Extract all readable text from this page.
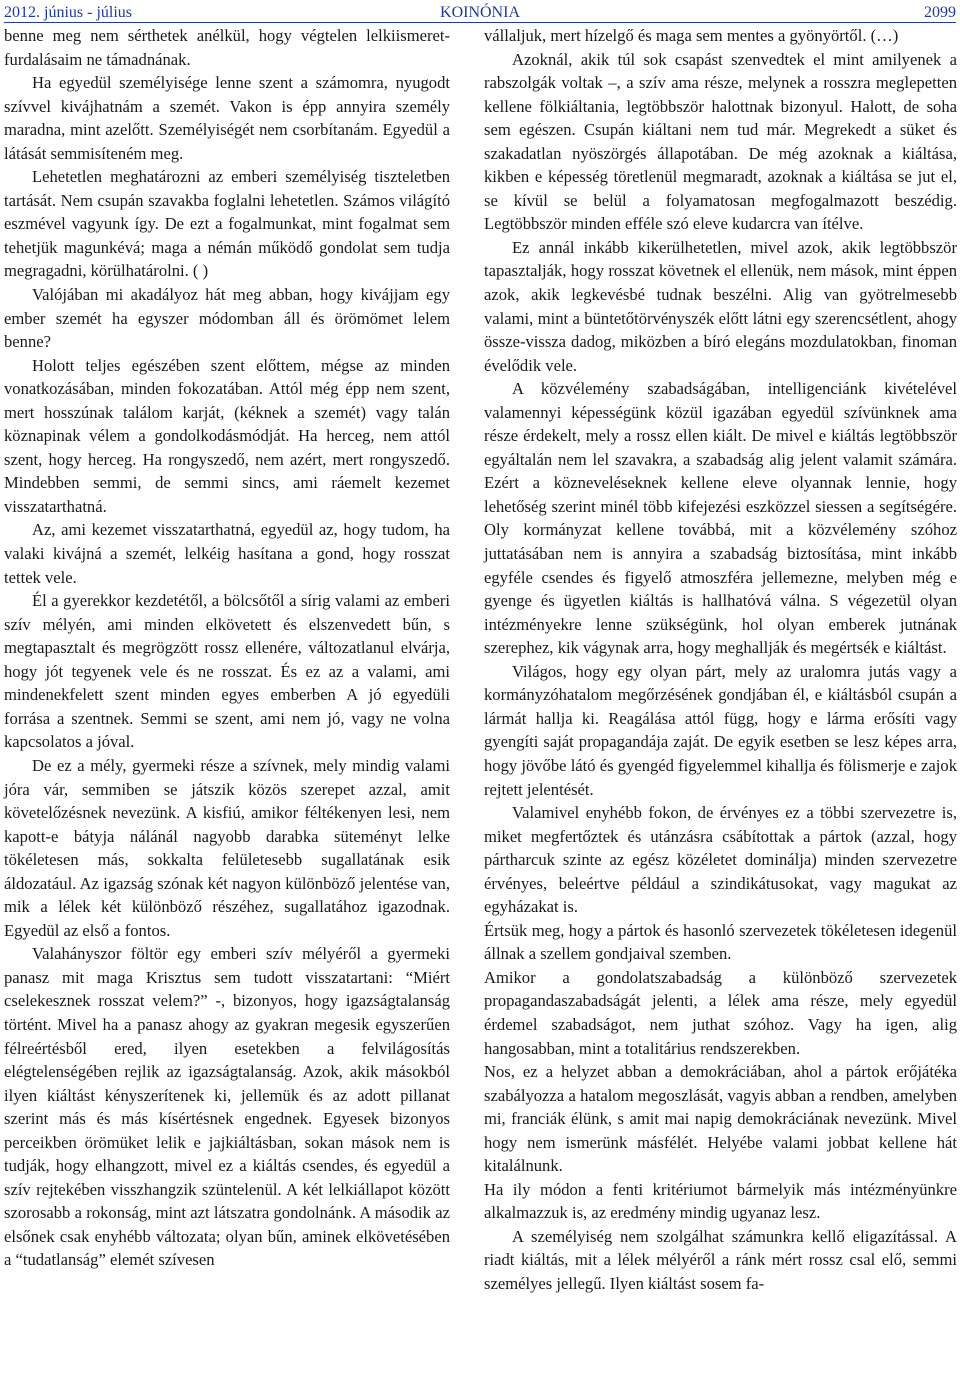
2012. június - július	KOINÓNIA	2099

benne meg nem sérthetek anélkül, hogy végtelen lelkiismeret-furdalásaim ne támadnának.

Ha egyedül személyisége lenne szent a számomra, nyugodt szívvel kivájhatnám a szemét. Vakon is épp annyira személy maradna, mint azelőtt. Személyiségét nem csorbítanám. Egyedül a látását semmisíteném meg.

Lehetetlen meghatározni az emberi személyiség tiszteletben tartását. Nem csupán szavakba foglalni lehetetlen. Számos világító eszmével vagyunk így. De ezt a fogalmunkat, mint fogalmat sem tehetjük magunkévá; maga a némán működő gondolat sem tudja megragadni, körülhatárolni. ( )

Valójában mi akadályoz hát meg abban, hogy kivájjam egy ember szemét ha egyszer módomban áll és örömömet lelem benne?

Holott teljes egészében szent előttem, mégse az minden vonatkozásában, minden fokozatában. Attól még épp nem szent, mert hosszúnak találom karját, (kéknek a szemét) vagy talán köznapinak vélem a gondolkodásmódját. Ha herceg, nem attól szent, hogy herceg. Ha rongyszedő, nem azért, mert rongyszedő. Mindebben semmi, de semmi sincs, ami ráemelt kezemet visszatarthatná.

Az, ami kezemet visszatarthatná, egyedül az, hogy tudom, ha valaki kivájná a szemét, lelkéig hasítana a gond, hogy rosszat tettek vele.

Él a gyerekkor kezdetétől, a bölcsőtől a sírig valami az emberi szív mélyén, ami minden elkövetett és elszenvedett bűn, s megtapasztalt és megrögzött rossz ellenére, változatlanul elvárja, hogy jót tegyenek vele és ne rosszat. És ez az a valami, ami mindenekfelett szent minden egyes emberben A jó egyedüli forrása a szentnek. Semmi se szent, ami nem jó, vagy ne volna kapcsolatos a jóval.

De ez a mély, gyermeki része a szívnek, mely mindig valami jóra vár, semmiben se játszik közös szerepet azzal, amit követelőzésnek nevezünk. A kisfiú, amikor féltékenyen lesi, nem kapott-e bátyja nálánál nagyobb darabka süteményt lelke tökéletesen más, sokkalta felületesebb sugallatának esik áldozatául. Az igazság szónak két nagyon különböző jelentése van, mik a lélek két különböző részéhez, sugallatához igazodnak. Egyedül az első a fontos.

Valahányszor föltör egy emberi szív mélyéről a gyermeki panasz mit maga Krisztus sem tudott visszatartani: “Miért cselekesznek rosszat velem?” -, bizonyos, hogy igazságtalanság történt. Mivel ha a panasz ahogy az gyakran megesik egyszerűen félreértésből ered, ilyen esetekben a felvilágosítás elégtelenségében rejlik az igazságtalanság. Azok, akik másokból ilyen kiáltást kényszerítenek ki, jellemük és az adott pillanat szerint más és más kísértésnek engednek. Egyesek bizonyos perceikben örömüket lelik e jajkiáltásban, sokan mások nem is tudják, hogy elhangzott, mivel ez a kiáltás csendes, és egyedül a szív rejtekében visszhangzik szüntelenül. A két lelkiállapot között szorosabb a rokonság, mint azt látszatra gondolnánk. A második az elsőnek csak enyhébb változata; olyan bűn, aminek elkövetésében a “tudatlanság” elemét szívesen

vállaljuk, mert hízelgő és maga sem mentes a gyönyörtől. (…)

Azoknál, akik túl sok csapást szenvedtek el mint amilyenek a rabszolgák voltak –, a szív ama része, melynek a rosszra meglepetten kellene fölkiáltania, legtöbbször halottnak bizonyul. Halott, de soha sem egészen. Csupán kiáltani nem tud már. Megrekedt a süket és szakadatlan nyöszörgés állapotában. De még azoknak a kiáltása, kikben e képesség töretlenül megmaradt, azoknak a kiáltása se jut el, se kívül se belül a folyamatosan megfogalmazott beszédig. Legtöbbször minden efféle szó eleve kudarcra van ítélve.

Ez annál inkább kikerülhetetlen, mivel azok, akik legtöbbször tapasztalják, hogy rosszat követnek el ellenük, nem mások, mint éppen azok, akik legkevésbé tudnak beszélni. Alig van gyötrelmesebb valami, mint a büntetőtörvényszék előtt látni egy szerencsétlent, ahogy össze-vissza dadog, miközben a bíró elegáns mozdulatokban, finoman évelődik vele.

A közvélemény szabadságában, intelligenciánk kivételével valamennyi képességünk közül igazában egyedül szívünknek ama része érdekelt, mely a rossz ellen kiált. De mivel e kiáltás legtöbbször egyáltalán nem lel szavakra, a szabadság alig jelent valamit számára. Ezért a közneveléseknek kellene eleve olyannak lennie, hogy lehetőség szerint minél több kifejezési eszközzel siessen a segítségére. Oly kormányzat kellene továbbá, mit a közvélemény szóhoz juttatásában nem is annyira a szabadság biztosítása, mint inkább egyféle csendes és figyelő atmoszféra jellemezne, melyben még e gyenge és ügyetlen kiáltás is hallhatóvá válna. S végezetül olyan intézményekre lenne szükségünk, hol olyan emberek jutnának szerephez, kik vágynak arra, hogy meghallják és megértsék e kiáltást.

Világos, hogy egy olyan párt, mely az uralomra jutás vagy a kormányzóhatalom megőrzésének gondjában él, e kiáltásból csupán a lármát hallja ki. Reagálása attól függ, hogy e lárma erősíti vagy gyengíti saját propagandája zaját. De egyik esetben se lesz képes arra, hogy jövőbe látó és gyengéd figyelemmel kihallja és fölismerje e zajok rejtett jelentését.

Valamivel enyhébb fokon, de érvényes ez a többi szervezetre is, miket megfertőztek és utánzásra csábítottak a pártok (azzal, hogy pártharcuk szinte az egész közéletet dominálja) minden szervezetre érvényes, beleértve például a szindikátusokat, vagy magukat az egyházakat is.

Értsük meg, hogy a pártok és hasonló szervezetek tökéletesen idegenül állnak a szellem gondjaival szemben.

Amikor a gondolatszabadság a különböző szervezetek propagandaszabadságát jelenti, a lélek ama része, mely egyedül érdemel szabadságot, nem juthat szóhoz. Vagy ha igen, alig hangosabban, mint a totalitárius rendszerekben.

Nos, ez a helyzet abban a demokráciában, ahol a pártok erőjátéka szabályozza a hatalom megoszlását, vagyis abban a rendben, amelyben mi, franciák élünk, s amit mai napig demokráciának nevezünk. Mivel hogy nem ismerünk másfélét. Helyébe valami jobbat kellene hát kitalálnunk.

Ha ily módon a fenti kritériumot bármelyik más intézményünkre alkalmazzuk is, az eredmény mindig ugyanaz lesz.

A személyiség nem szolgálhat számunkra kellő eligazítással. A riadt kiáltás, mit a lélek mélyéről a ránk mért rossz csal elő, semmi személyes jellegű. Ilyen kiáltást sosem fa-
